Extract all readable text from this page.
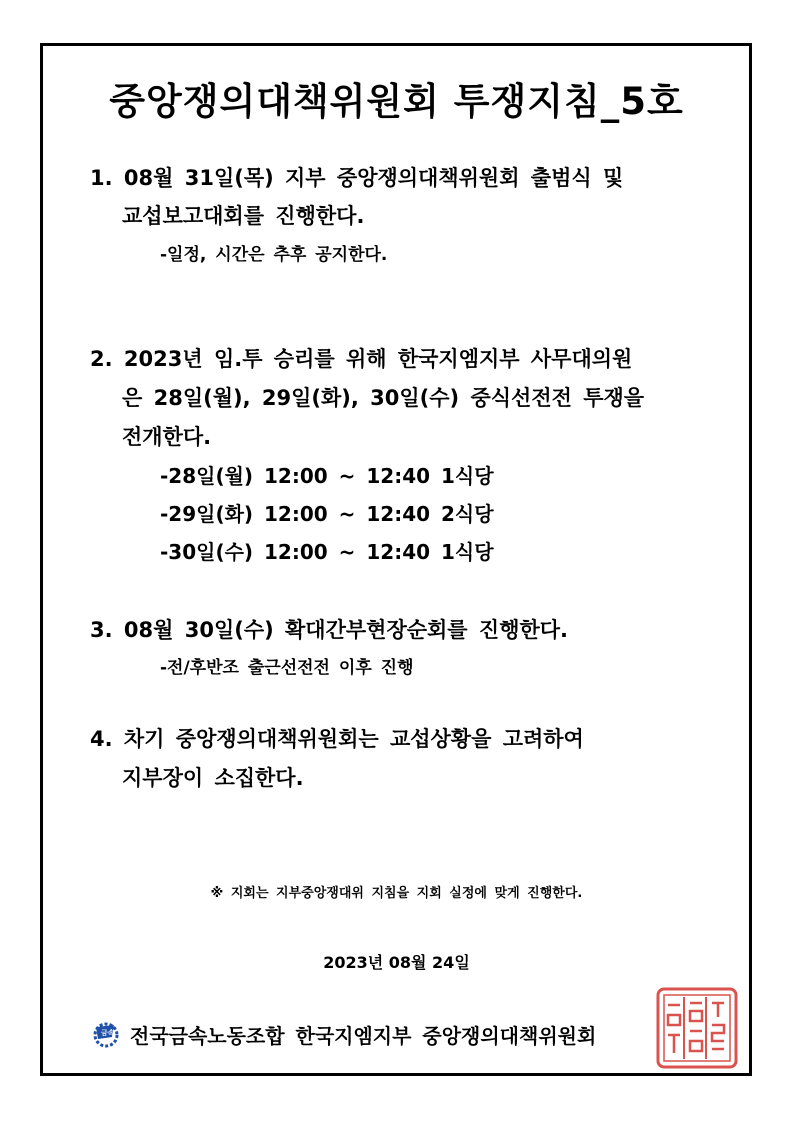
중앙쟁의대책위원회 투쟁지침_5호
1. 08월 31일(목) 지부 중앙쟁의대책위원회 출범식 및
교섭보고대회를 진행한다.
-일정, 시간은 추후 공지한다.
2. 2023년 임.투 승리를 위해 한국지엠지부 사무대의원
은 28일(월), 29일(화), 30일(수) 중식선전전 투쟁을
전개한다.
-28일(월) 12:00 ~ 12:40 1식당
-29일(화) 12:00 ~ 12:40 2식당
-30일(수) 12:00 ~ 12:40 1식당
3. 08월 30일(수) 확대간부현장순회를 진행한다.
-전/후반조 출근선전전 이후 진행
4. 차기 중앙쟁의대책위원회는 교섭상황을 고려하여
지부장이 소집한다.
※ 지회는 지부중앙쟁대위 지침을 지회 실정에 맞게 진행한다.
2023년 08월 24일
금속 전국금속노동조합 한국지엠지부 중앙쟁의대책위원회
